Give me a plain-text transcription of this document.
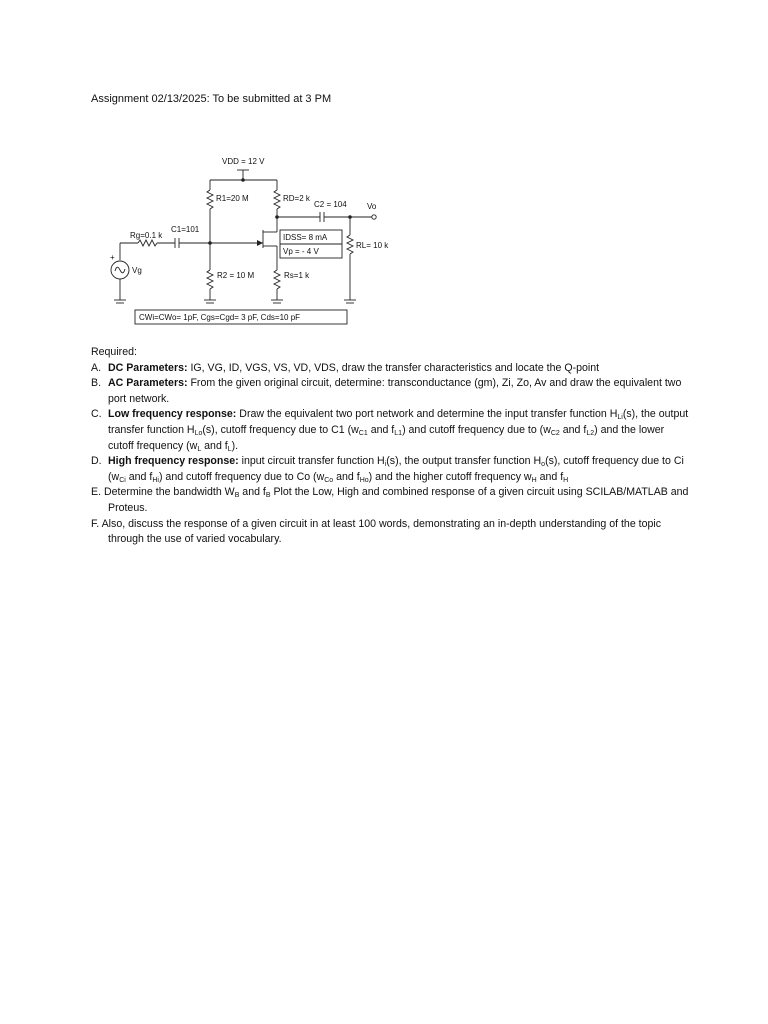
Assignment 02/13/2025: To be submitted at 3 PM
VDD = 12 V
R1=20 M	RD=2 k
C2 = 104	Vo
Rg=0.1 k
C1=101
IDSS= 8 mA
Vp = - 4 V
RL= 10 k
+
Vg
R2 = 10 M	Rs=1 k
CWi=CWo= 1pF, Cgs=Cgd= 3 pF, Cds=10 pF

Required:

A. DC Parameters: IG, VG, ID, VGS, VS, VD, VDS, draw the transfer characteristics and locate the Q-point
B. AC Parameters: From the given original circuit, determine: transconductance (gm), Zi, Zo, Av and draw the equivalent two port network.
C. Low frequency response: Draw the equivalent two port network and determine the input transfer function $H_{Li}(s)$, the output transfer function $H_{Lo}(s)$, cutoff frequency due to C1 ($w_{C1}$ and $f_{L1}$) and cutoff frequency due to ($w_{C2}$ and $f_{L2}$) and the lower cutoff frequency ($w_L$ and $f_L$).
D. High frequency response: input circuit transfer function $H_i(s)$, the output transfer function $H_o(s)$, cutoff frequency due to Ci ($w_{Ci}$ and $f_{Hi}$) and cutoff frequency due to Co ($w_{Co}$ and $f_{Ho}$) and the higher cutoff frequency $w_H$ and $f_H$
E. Determine the bandwidth $W_B$ and $f_B$ Plot the Low, High and combined response of a given circuit using SCILAB/MATLAB and Proteus.
F. Also, discuss the response of a given circuit in at least 100 words, demonstrating an in-depth understanding of the topic through the use of varied vocabulary.
